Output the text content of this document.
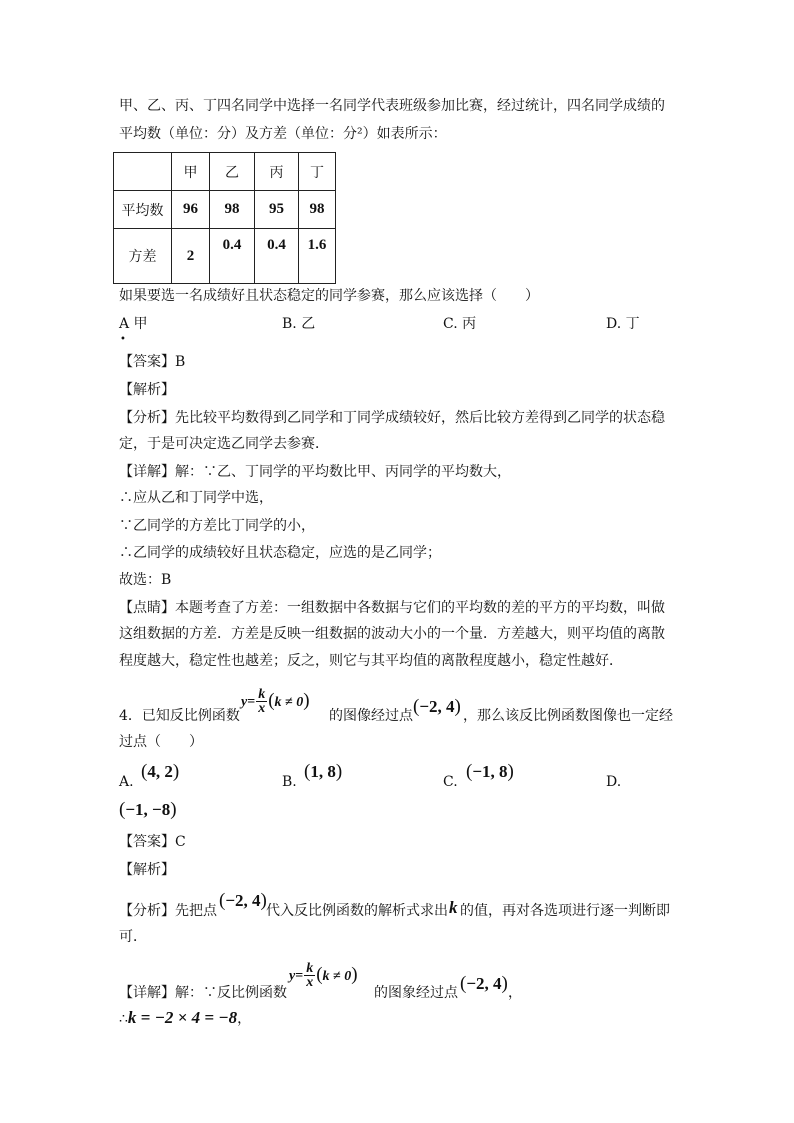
甲、乙、丙、丁四名同学中选择一名同学代表班级参加比赛，经过统计，四名同学成绩的
平均数（单位：分）及方差（单位：分²）如表所示：
	甲	乙	丙	丁
平均数	96	98	95	98
方差	2	0.4	0.4	1.6
如果要选一名成绩好且状态稳定的同学参赛，那么应该选择（　　）
A 甲	B. 乙	C. 丙	D. 丁
•
【答案】B
【解析】
【分析】先比较平均数得到乙同学和丁同学成绩较好，然后比较方差得到乙同学的状态稳
定，于是可决定选乙同学去参赛．
【详解】解：∵乙、丁同学的平均数比甲、丙同学的平均数大，
∴应从乙和丁同学中选，
∵乙同学的方差比丁同学的小，
∴乙同学的成绩较好且状态稳定，应选的是乙同学；
故选：B
【点睛】本题考查了方差：一组数据中各数据与它们的平均数的差的平方的平均数，叫做
这组数据的方差．方差是反映一组数据的波动大小的一个量．方差越大，则平均值的离散
程度越大，稳定性也越差；反之，则它与其平均值的离散程度越小，稳定性越好．
4．已知反比例函数
$y= \frac{k}{x} (k \ne 0)$
的图像经过点 (−2, 4) ，那么该反比例函数图像也一定经
过点（　　）
A. (4, 2)	B. (1, 8)	C. (−1, 8)	D.
(−1, −8)
【答案】C
【解析】
【分析】先把点 (−2, 4) 代入反比例函数的解析式求出 k 的值，再对各选项进行逐一判断即
可．
【详解】解：∵反比例函数
$y= \frac{k}{x} (k \ne 0)$
的图象经过点 (−2, 4) ，
∴k = −2 × 4 = −8，
